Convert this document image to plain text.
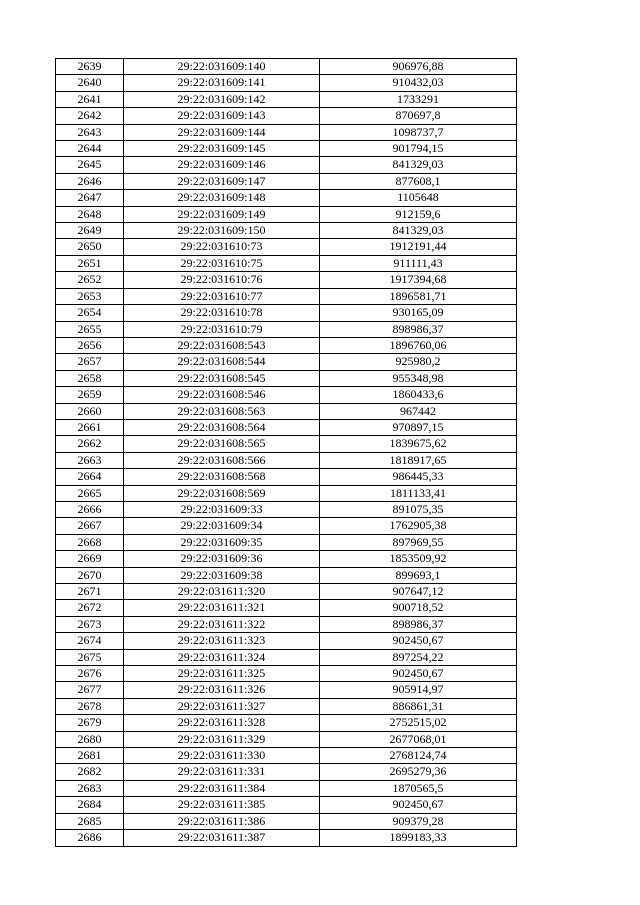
2639	29:22:031609:140	906976,88
2640	29:22:031609:141	910432,03
2641	29:22:031609:142	1733291
2642	29:22:031609:143	870697,8
2643	29:22:031609:144	1098737,7
2644	29:22:031609:145	901794,15
2645	29:22:031609:146	841329,03
2646	29:22:031609:147	877608,1
2647	29:22:031609:148	1105648
2648	29:22:031609:149	912159,6
2649	29:22:031609:150	841329,03
2650	29:22:031610:73	1912191,44
2651	29:22:031610:75	911111,43
2652	29:22:031610:76	1917394,68
2653	29:22:031610:77	1896581,71
2654	29:22:031610:78	930165,09
2655	29:22:031610:79	898986,37
2656	29:22:031608:543	1896760,06
2657	29:22:031608:544	925980,2
2658	29:22:031608:545	955348,98
2659	29:22:031608:546	1860433,6
2660	29:22:031608:563	967442
2661	29:22:031608:564	970897,15
2662	29:22:031608:565	1839675,62
2663	29:22:031608:566	1818917,65
2664	29:22:031608:568	986445,33
2665	29:22:031608:569	1811133,41
2666	29:22:031609:33	891075,35
2667	29:22:031609:34	1762905,38
2668	29:22:031609:35	897969,55
2669	29:22:031609:36	1853509,92
2670	29:22:031609:38	899693,1
2671	29:22:031611:320	907647,12
2672	29:22:031611:321	900718,52
2673	29:22:031611:322	898986,37
2674	29:22:031611:323	902450,67
2675	29:22:031611:324	897254,22
2676	29:22:031611:325	902450,67
2677	29:22:031611:326	905914,97
2678	29:22:031611:327	886861,31
2679	29:22:031611:328	2752515,02
2680	29:22:031611:329	2677068,01
2681	29:22:031611:330	2768124,74
2682	29:22:031611:331	2695279,36
2683	29:22:031611:384	1870565,5
2684	29:22:031611:385	902450,67
2685	29:22:031611:386	909379,28
2686	29:22:031611:387	1899183,33
